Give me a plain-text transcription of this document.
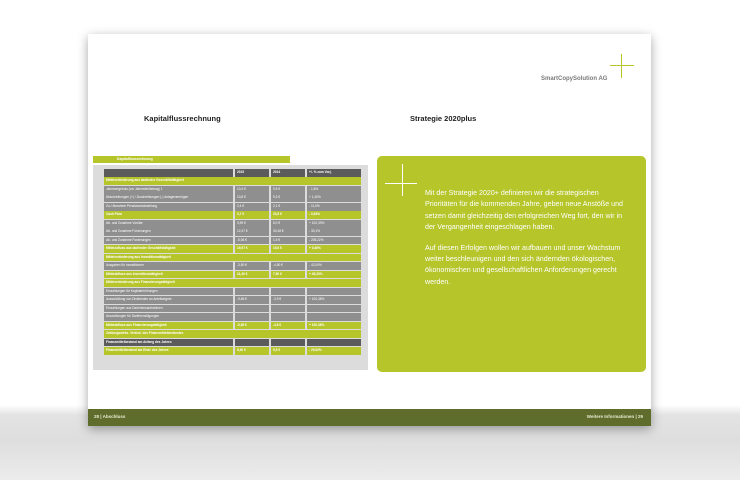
SmartCopySolution AG
Kapitalflussrechnung	Strategie 2020plus
Kapitalflussrechnung
2015	2014	+/- % zum Vorj.
Mittelveränderung aus laufender Geschäftstätigkeit
Jahresergebnis (vor Jahresfehlbetrag) 1	10,4 €	9,5 €	- 1,8%
Abschreibungen (+) / Zuschreibungen (-) Anlagevermögen	10,8 €	9,3 €	+ 1,40%
Zu-/ Abnahme Pensionsrückstellung	2,4 €	2,1 €	- 11,0%
Cash Flow	3,7 €	24,5 €	- 0,54%
Ab- und Zunahme Vorräte	3,99 €	8,0 €	+ 100,33%
Ab- und Zunahme Forderungen	12,47 €	30,48 €	- 30,1%
Ab- und Zunahme Forderungen	-5,06 €	1,5 €	- 205,22%
Mittelzufluss aus laufender Geschäftstätigkeit	19,97 €	15,6 €	+ 0,46%
Mittelveränderung aus Investitionstätigkeit
Ausgaben für Investitionen	-3,50 €	-4,50 €	- 42,00%
Mittelabfluss aus Investitionstätigkeit	11,40 €	7,90 €	+ 45,33%
Mittelveränderung aus Finanzierungstätigkeit
Einzahlungen für Kapitalerhöhungen
Ausschüttung von Dividenden an Anteilseigner	-9,65 €	-3,9 €	+ 100,38%
Einzahlungen aus Darlehensaufnahmen
Auszahlungen für Darlehenstilgungen
Mittelabfluss aus Finanzierungstätigkeit	-9,65 €	-4,8 €	+ 100,38%
Zahlungswirks. Veränd. des Finanzmittelbestandes
Finanzmittelbestand am Anfang des Jahres
Finanzmittelbestand am Ende des Jahres	8,30 €	9,5 €	- 29,52%

Mit der Strategie 2020+ definieren wir die strategischen Prioritäten für die kommenden Jahre, geben neue Anstöße und setzen damit gleichzeitig den erfolgreichen Weg fort, den wir in der Vergangenheit eingeschlagen haben.

Auf diesen Erfolgen wollen wir aufbauen und unser Wachstum weiter beschleunigen und den sich ändernden ökologischen, ökonomischen und gesellschaftlichen Anforderungen gerecht werden.

28 | Abschluss	Weitere Informationen | 29
